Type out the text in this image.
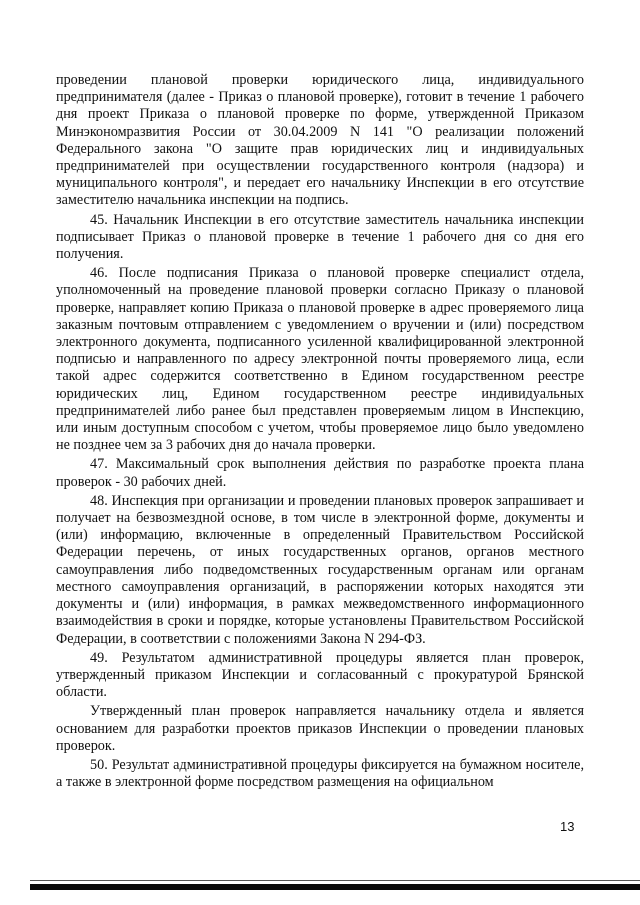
проведении плановой проверки юридического лица, индивидуального предпринимателя (далее - Приказ о плановой проверке), готовит в течение 1 рабочего дня проект Приказа о плановой проверке по форме, утвержденной Приказом Минэкономразвития России от 30.04.2009 N 141 "О реализации положений Федерального закона "О защите прав юридических лиц и индивидуальных предпринимателей при осуществлении государственного контроля (надзора) и муниципального контроля", и передает его начальнику Инспекции в его отсутствие заместителю начальника инспекции на подпись.

45. Начальник Инспекции в его отсутствие заместитель начальника инспекции подписывает Приказ о плановой проверке в течение 1 рабочего дня со дня его получения.

46. После подписания Приказа о плановой проверке специалист отдела, уполномоченный на проведение плановой проверки согласно Приказу о плановой проверке, направляет копию Приказа о плановой проверке в адрес проверяемого лица заказным почтовым отправлением с уведомлением о вручении и (или) посредством электронного документа, подписанного усиленной квалифицированной электронной подписью и направленного по адресу электронной почты проверяемого лица, если такой адрес содержится соответственно в Едином государственном реестре юридических лиц, Едином государственном реестре индивидуальных предпринимателей либо ранее был представлен проверяемым лицом в Инспекцию, или иным доступным способом с учетом, чтобы проверяемое лицо было уведомлено не позднее чем за 3 рабочих дня до начала проверки.

47. Максимальный срок выполнения действия по разработке проекта плана проверок - 30 рабочих дней.

48. Инспекция при организации и проведении плановых проверок запрашивает и получает на безвозмездной основе, в том числе в электронной форме, документы и (или) информацию, включенные в определенный Правительством Российской Федерации перечень, от иных государственных органов, органов местного самоуправления либо подведомственных государственным органам или органам местного самоуправления организаций, в распоряжении которых находятся эти документы и (или) информация, в рамках межведомственного информационного взаимодействия в сроки и порядке, которые установлены Правительством Российской Федерации, в соответствии с положениями Закона N 294-ФЗ.

49. Результатом административной процедуры является план проверок, утвержденный приказом Инспекции и согласованный с прокуратурой Брянской области.

Утвержденный план проверок направляется начальнику отдела и является основанием для разработки проектов приказов Инспекции о проведении плановых проверок.

50. Результат административной процедуры фиксируется на бумажном носителе, а также в электронной форме посредством размещения на официальном

13
